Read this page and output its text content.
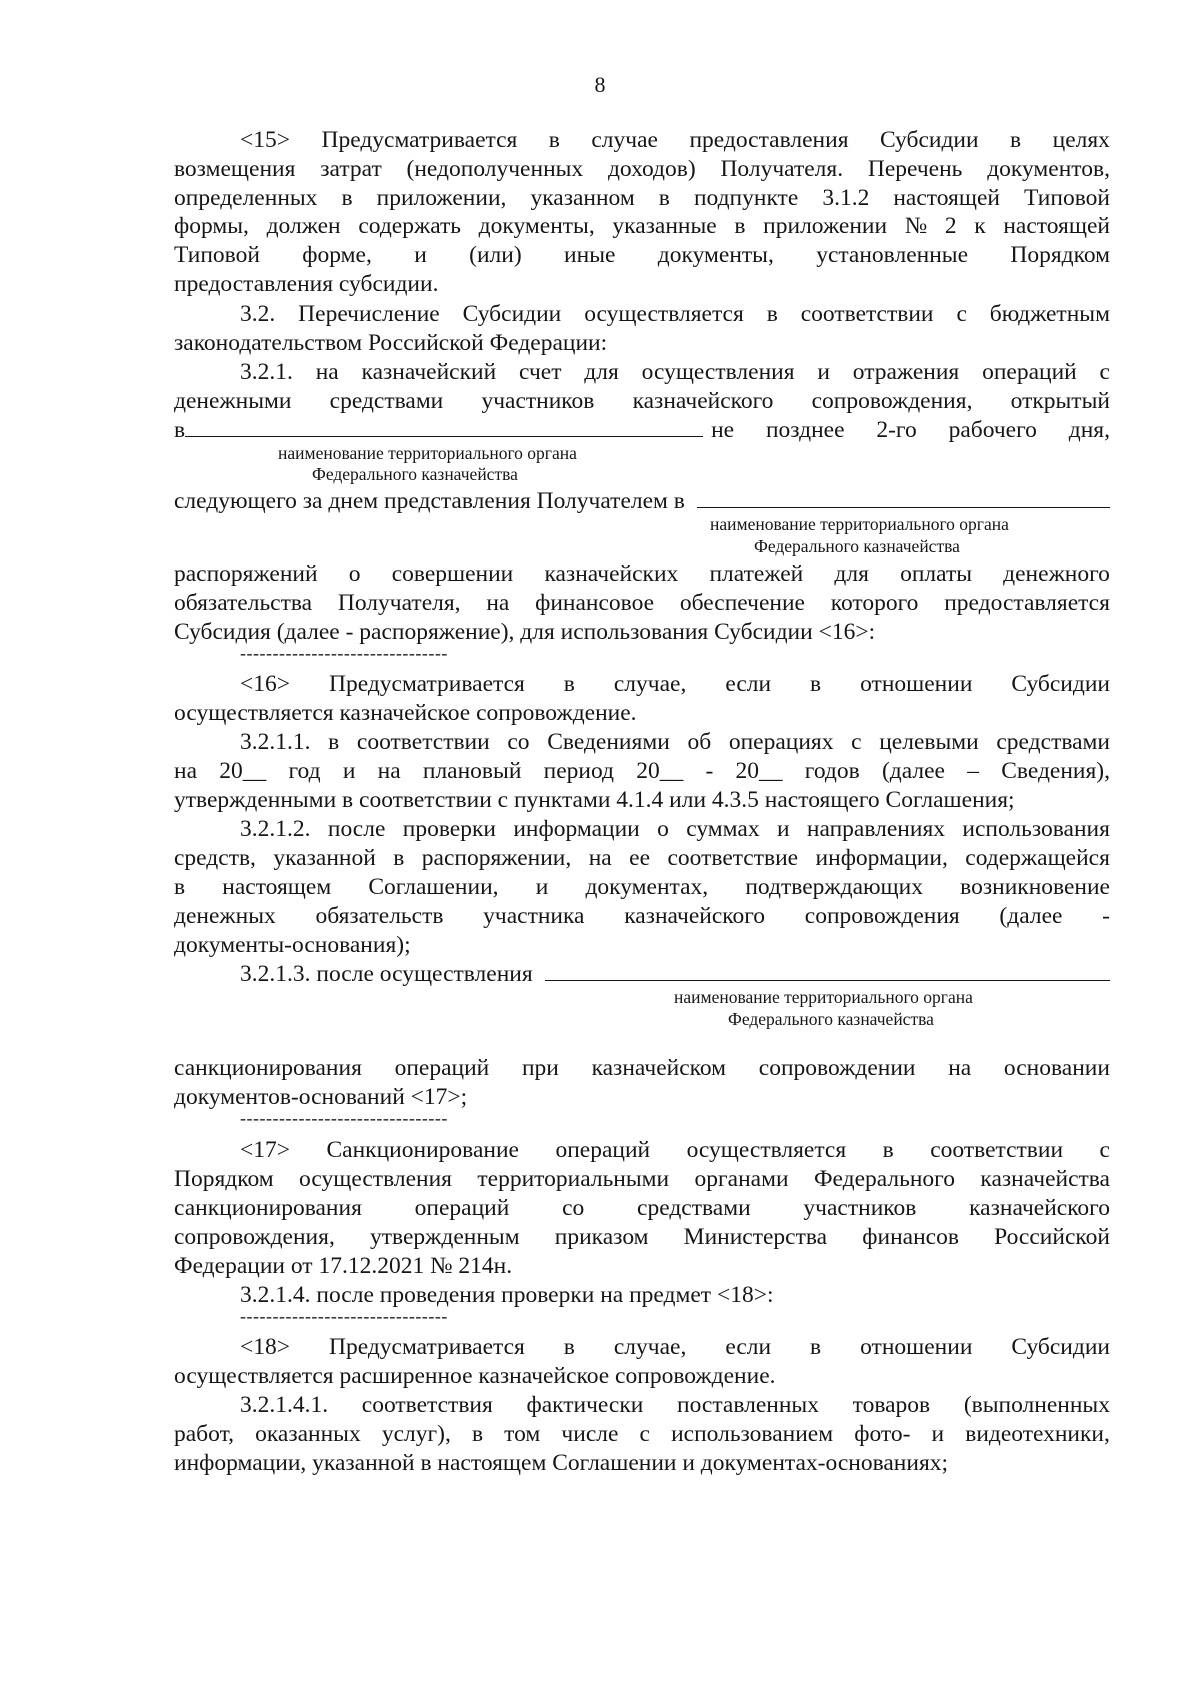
8
<15> Предусматривается в случае предоставления Субсидии в целях
возмещения затрат (недополученных доходов) Получателя. Перечень документов,
определенных в приложении, указанном в подпункте 3.1.2 настоящей Типовой
формы, должен содержать документы, указанные в приложении № 2 к настоящей
Типовой форме, и (или) иные документы, установленные Порядком
предоставления субсидии.
3.2. Перечисление Субсидии осуществляется в соответствии с бюджетным
законодательством Российской Федерации:
3.2.1. на казначейский счет для осуществления и отражения операций с
денежными средствами участников казначейского сопровождения, открытый
в	не позднее 2-го рабочего дня,
наименование территориального органа
Федерального казначейства
следующего за днем представления Получателем в
наименование территориального органа
Федерального казначейства
распоряжений о совершении казначейских платежей для оплаты денежного
обязательства Получателя, на финансовое обеспечение которого предоставляется
Субсидия (далее - распоряжение), для использования Субсидии <16>:
--------------------------------
<16> Предусматривается в случае, если в отношении Субсидии
осуществляется казначейское сопровождение.
3.2.1.1. в соответствии со Сведениями об операциях с целевыми средствами
на 20__ год и на плановый период 20__ - 20__ годов (далее – Сведения),
утвержденными в соответствии с пунктами 4.1.4 или 4.3.5 настоящего Соглашения;
3.2.1.2. после проверки информации о суммах и направлениях использования
средств, указанной в распоряжении, на ее соответствие информации, содержащейся
в настоящем Соглашении, и документах, подтверждающих возникновение
денежных обязательств участника казначейского сопровождения (далее -
документы-основания);
3.2.1.3. после осуществления
наименование территориального органа
Федерального казначейства
санкционирования операций при казначейском сопровождении на основании
документов-оснований <17>;
--------------------------------
<17> Санкционирование операций осуществляется в соответствии с
Порядком осуществления территориальными органами Федерального казначейства
санкционирования операций со средствами участников казначейского
сопровождения, утвержденным приказом Министерства финансов Российской
Федерации от 17.12.2021 № 214н.
3.2.1.4. после проведения проверки на предмет <18>:
--------------------------------
<18> Предусматривается в случае, если в отношении Субсидии
осуществляется расширенное казначейское сопровождение.
3.2.1.4.1. соответствия фактически поставленных товаров (выполненных
работ, оказанных услуг), в том числе с использованием фото- и видеотехники,
информации, указанной в настоящем Соглашении и документах-основаниях;
